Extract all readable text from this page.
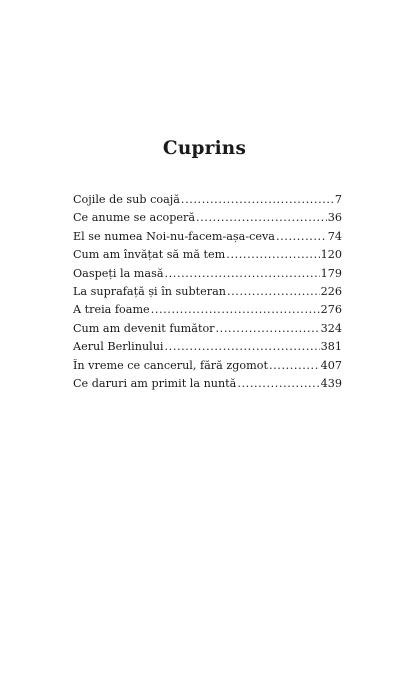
Cuprins
Cojile de sub coajă .....	7
Ce anume se acoperă .....	36
El se numea Noi-nu-facem-așa-ceva .....	74
Cum am învățat să mă tem .....	120
Oaspeți la masă .....	179
La suprafață și în subteran .....	226
A treia foame .....	276
Cum am devenit fumător .....	324
Aerul Berlinului .....	381
În vreme ce cancerul, fără zgomot .....	407
Ce daruri am primit la nuntă .....	439
